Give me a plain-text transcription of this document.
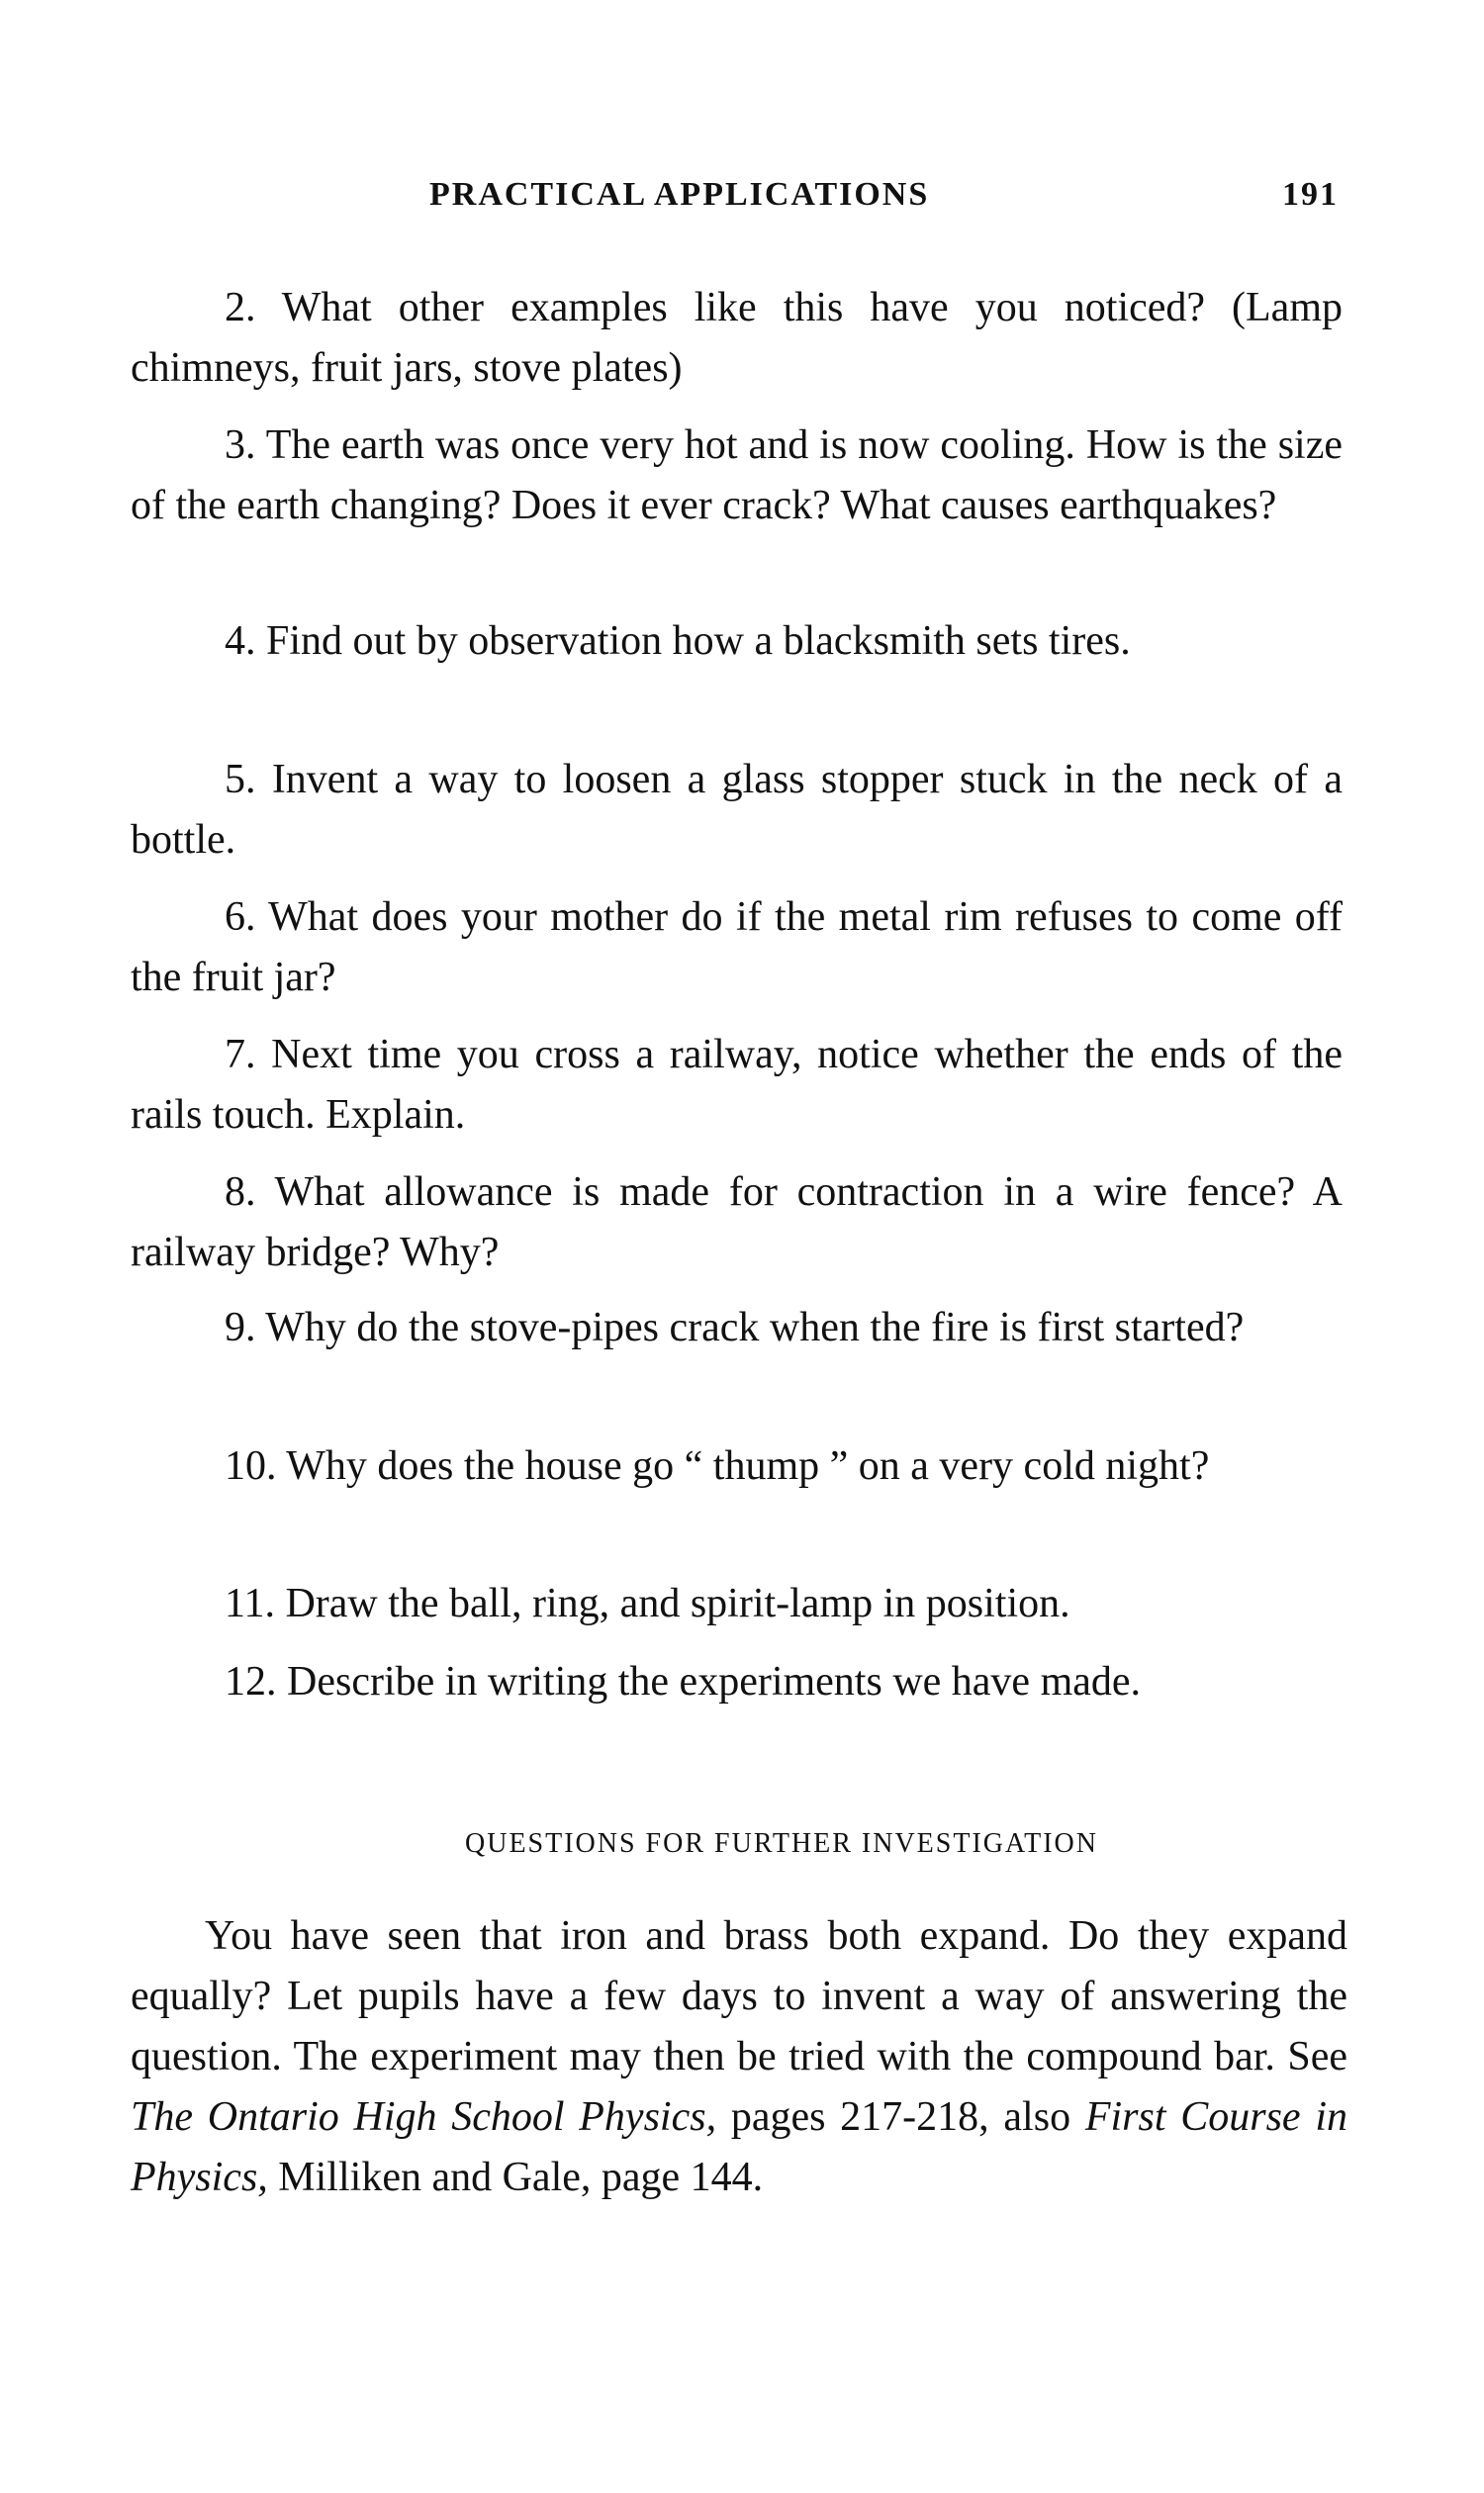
PRACTICAL APPLICATIONS	191

2. What other examples like this have you noticed? (Lamp chimneys, fruit jars, stove plates)

3. The earth was once very hot and is now cooling. How is the size of the earth changing? Does it ever crack? What causes earthquakes?

4. Find out by observation how a blacksmith sets tires.

5. Invent a way to loosen a glass stopper stuck in the neck of a bottle.

6. What does your mother do if the metal rim refuses to come off the fruit jar?

7. Next time you cross a railway, notice whether the ends of the rails touch. Explain.

8. What allowance is made for contraction in a wire fence? A railway bridge? Why?

9. Why do the stove-pipes crack when the fire is first started?

10. Why does the house go “ thump ” on a very cold night?

11. Draw the ball, ring, and spirit-lamp in position.

12. Describe in writing the experiments we have made.

QUESTIONS FOR FURTHER INVESTIGATION

You have seen that iron and brass both expand. Do they expand equally? Let pupils have a few days to invent a way of answering the question. The experiment may then be tried with the compound bar. See The Ontario High School Physics, pages 217-218, also First Course in Physics, Milliken and Gale, page 144.
